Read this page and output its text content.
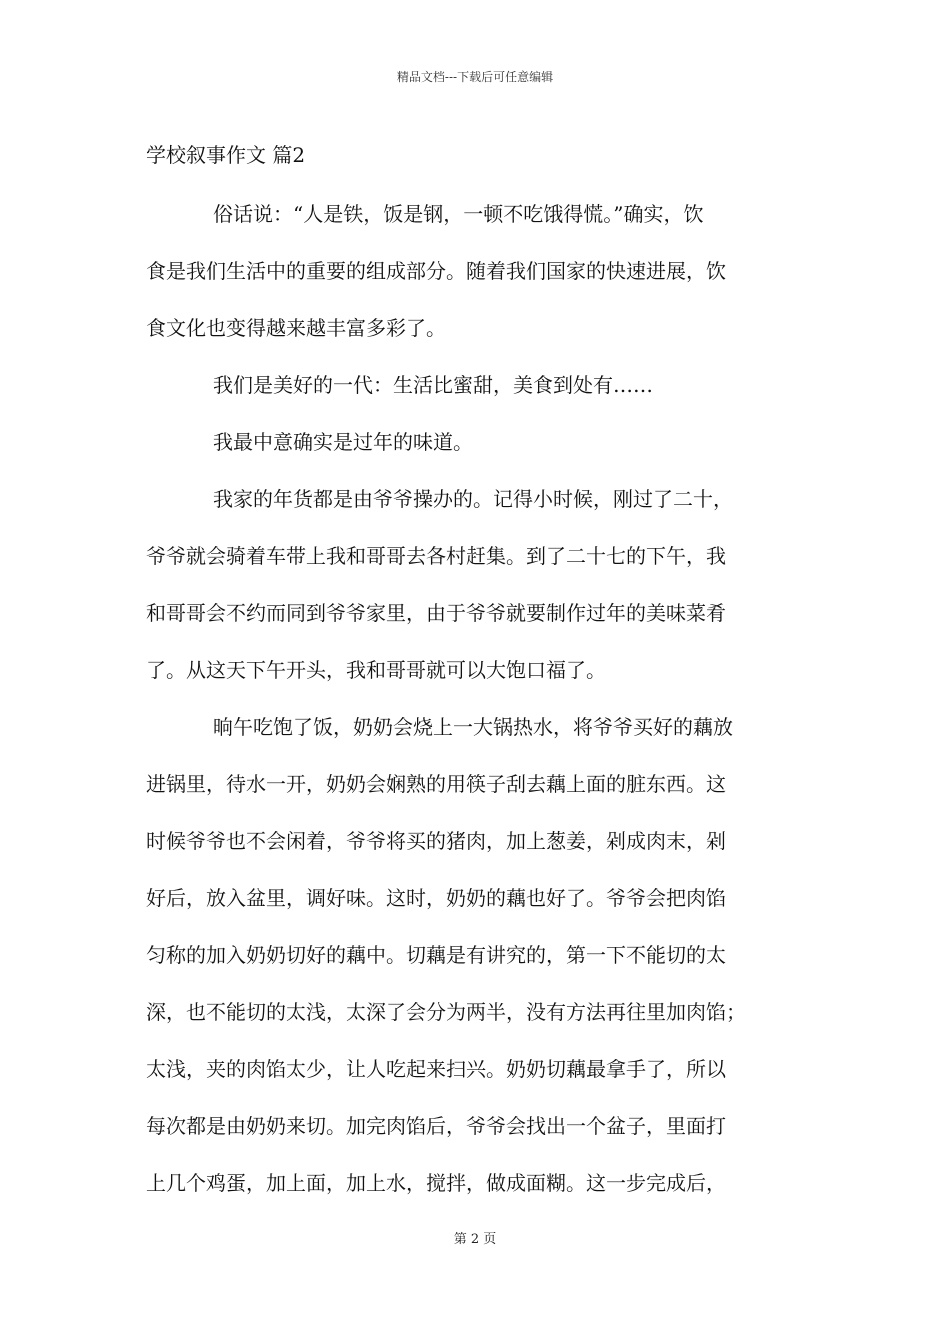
精品文档---下载后可任意编辑
学校叙事作文 篇2
俗话说：“人是铁，饭是钢，一顿不吃饿得慌。”确实，饮
食是我们生活中的重要的组成部分。随着我们国家的快速进展，饮
食文化也变得越来越丰富多彩了。
我们是美好的一代：生活比蜜甜，美食到处有……
我最中意确实是过年的味道。
我家的年货都是由爷爷操办的。记得小时候，刚过了二十，
爷爷就会骑着车带上我和哥哥去各村赶集。到了二十七的下午，我
和哥哥会不约而同到爷爷家里，由于爷爷就要制作过年的美味菜肴
了。从这天下午开头，我和哥哥就可以大饱口福了。
晌午吃饱了饭，奶奶会烧上一大锅热水，将爷爷买好的藕放
进锅里，待水一开，奶奶会娴熟的用筷子刮去藕上面的脏东西。这
时候爷爷也不会闲着，爷爷将买的猪肉，加上葱姜，剁成肉末，剁
好后，放入盆里，调好味。这时，奶奶的藕也好了。爷爷会把肉馅
匀称的加入奶奶切好的藕中。切藕是有讲究的，第一下不能切的太
深，也不能切的太浅，太深了会分为两半，没有方法再往里加肉馅；
太浅，夹的肉馅太少，让人吃起来扫兴。奶奶切藕最拿手了，所以
每次都是由奶奶来切。加完肉馅后，爷爷会找出一个盆子，里面打
上几个鸡蛋，加上面，加上水，搅拌，做成面糊。这一步完成后，
第 2 页
